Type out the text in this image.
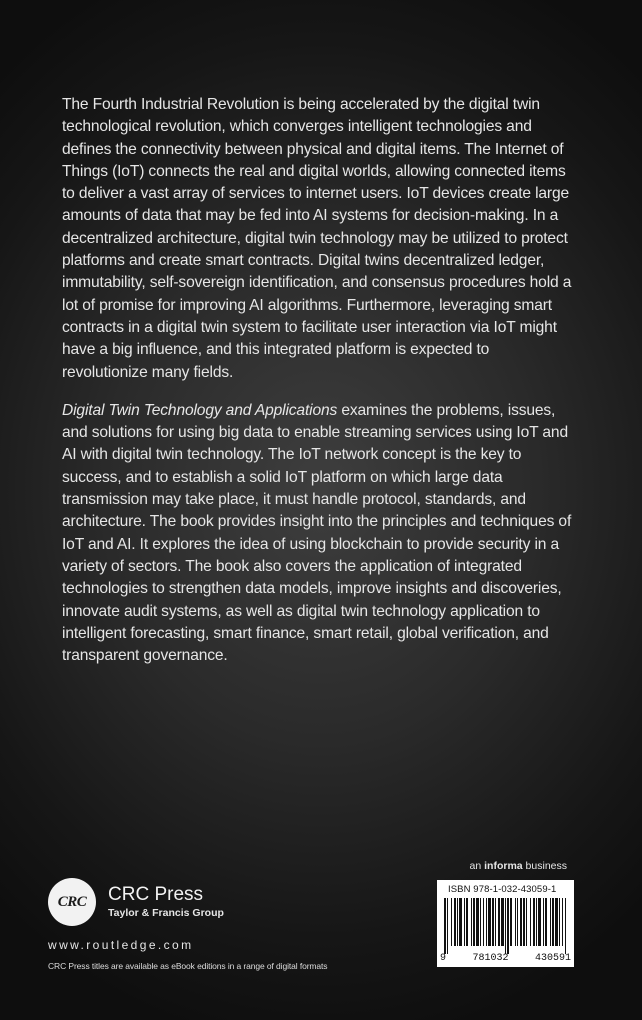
The Fourth Industrial Revolution is being accelerated by the digital twin technological revolution, which converges intelligent technologies and defines the connectivity between physical and digital items. The Internet of Things (IoT) connects the real and digital worlds, allowing connected items to deliver a vast array of services to internet users. IoT devices create large amounts of data that may be fed into AI systems for decision-making. In a decentralized architecture, digital twin technology may be utilized to protect platforms and create smart contracts. Digital twins decentralized ledger, immutability, self-sovereign identification, and consensus procedures hold a lot of promise for improving AI algorithms. Furthermore, leveraging smart contracts in a digital twin system to facilitate user interaction via IoT might have a big influence, and this integrated platform is expected to revolutionize many fields.

Digital Twin Technology and Applications examines the problems, issues, and solutions for using big data to enable streaming services using IoT and AI with digital twin technology. The IoT network concept is the key to success, and to establish a solid IoT platform on which large data transmission may take place, it must handle protocol, standards, and architecture. The book provides insight into the principles and techniques of IoT and AI. It explores the idea of using blockchain to provide security in a variety of sectors. The book also covers the application of integrated technologies to strengthen data models, improve insights and discoveries, innovate audit systems, as well as digital twin technology application to intelligent forecasting, smart finance, smart retail, global verification, and transparent governance.

CRC	CRC Press
Taylor & Francis Group
www.routledge.com
CRC Press titles are available as eBook editions in a range of digital formats
an informa business
ISBN 978-1-032-43059-1
9	781032	430591
